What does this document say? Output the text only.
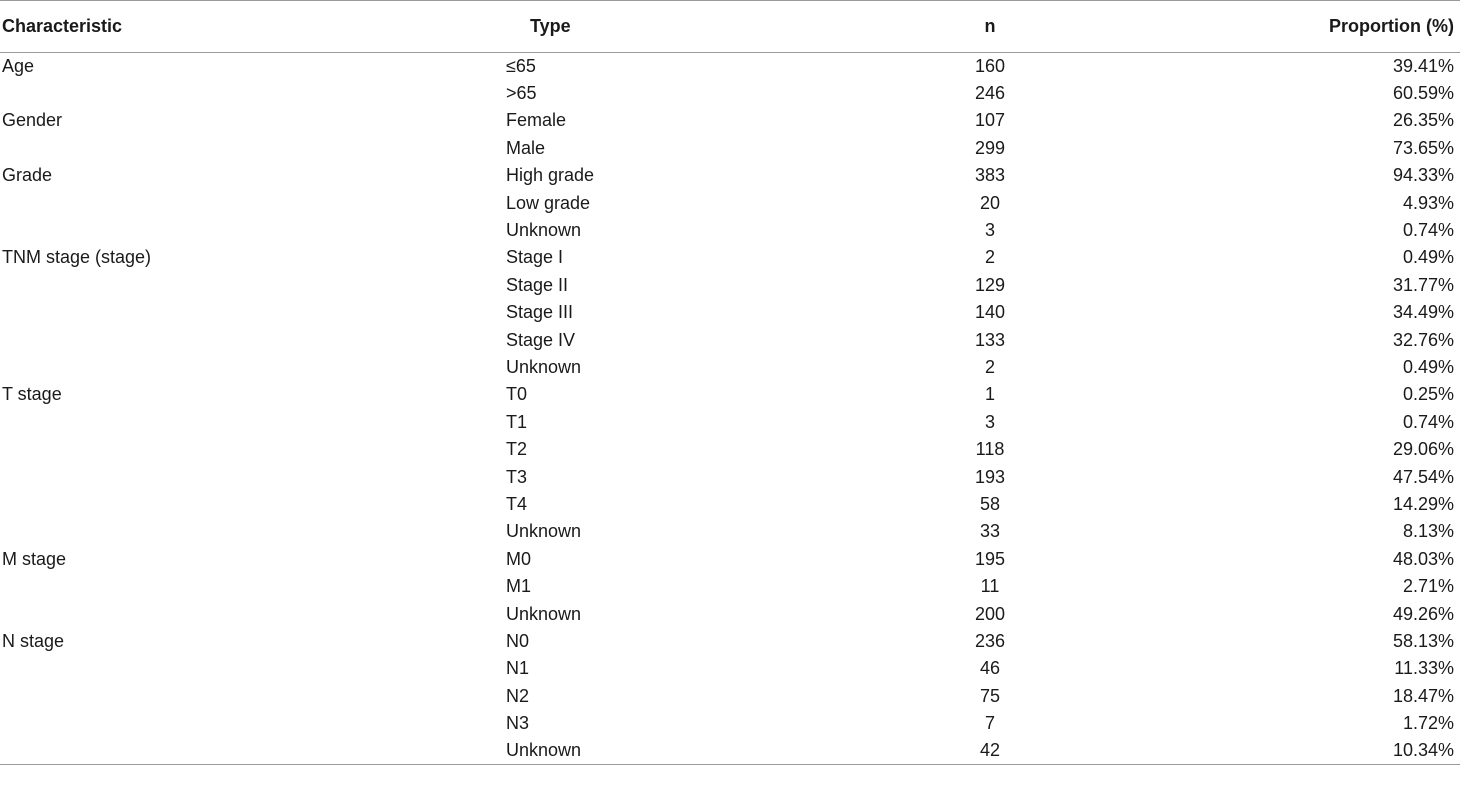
Characteristic	Type	n	Proportion (%)
Age	≤65	160	39.41%
	>65	246	60.59%
Gender	Female	107	26.35%
	Male	299	73.65%
Grade	High grade	383	94.33%
	Low grade	20	4.93%
	Unknown	3	0.74%
TNM stage (stage)	Stage I	2	0.49%
	Stage II	129	31.77%
	Stage III	140	34.49%
	Stage IV	133	32.76%
	Unknown	2	0.49%
T stage	T0	1	0.25%
	T1	3	0.74%
	T2	118	29.06%
	T3	193	47.54%
	T4	58	14.29%
	Unknown	33	8.13%
M stage	M0	195	48.03%
	M1	11	2.71%
	Unknown	200	49.26%
N stage	N0	236	58.13%
	N1	46	11.33%
	N2	75	18.47%
	N3	7	1.72%
	Unknown	42	10.34%
